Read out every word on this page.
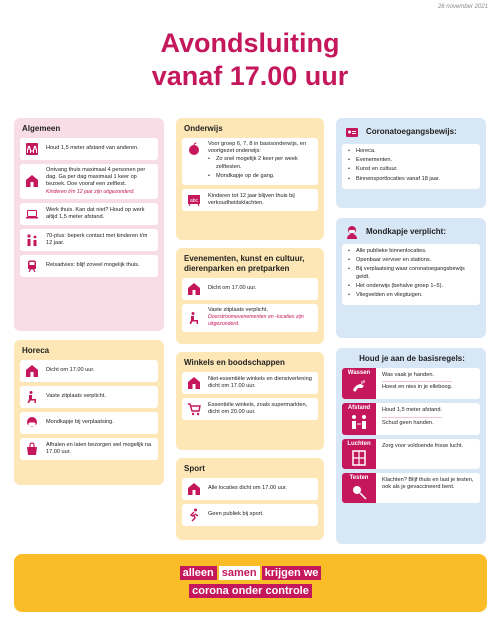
26 november 2021
Avondsluiting
vanaf 17.00 uur
Algemeen
Houd 1,5 meter afstand van anderen.
Ontvang thuis maximaal 4 personen per dag. Ga per dag maximaal 1 keer op bezoek. Doe vooraf een zelftest.
Kinderen t/m 12 jaar zijn uitgezonderd.
Werk thuis. Kan dat niet? Houd op werk altijd 1,5 meter afstand.
70-plus: beperk contact met kinderen t/m 12 jaar.
Reisadvies: blijf zoveel mogelijk thuis.
Horeca
Dicht om 17.00 uur.
Vaste zitplaats verplicht.
Mondkapje bij verplaatsing.
Afhalen en laten bezorgen wel mogelijk na 17.00 uur.
Onderwijs
Voor groep 6, 7, 8 in basisonderwijs, en voortgezet onderwijs:
• Zo snel mogelijk 2 keer per week zelftesten.
• Mondkapje op de gang.
abc
Kinderen tot 12 jaar blijven thuis bij verkoudheidsklachten.
Evenementen, kunst en cultuur, dierenparken en pretparken
Dicht om 17.00 uur.
Vaste zitplaats verplicht. Doorstroomevenementen en -locaties zijn uitgezonderd.
Winkels en boodschappen
Niet-essentiële winkels en dienstverlening dicht om 17.00 uur.
Essentiële winkels, zoals supermarkten, dicht om 20.00 uur.
Sport
Alle locaties dicht om 17.00 uur.
Geen publiek bij sport.
Coronatoegangsbewijs:
• Horeca.
• Evenementen.
• Kunst en cultuur.
• Binnensportlocaties vanaf 18 jaar.
Mondkapje verplicht:
• Alle publieke binnenlocaties.
• Openbaar vervoer en stations.
• Bij verplaatsing waar coronatoegangsbewijs geldt.
• Het onderwijs (behalve groep 1–5).
• Vliegvelden en vliegtuigen.
Houd je aan de basisregels:
Wassen Was vaak je handen.

Hoest en nies in je elleboog.

Afstand Houd 1,5 meter afstand.

Schud geen handen.

Luchten Zorg voor voldoende frisse lucht.

Testen Klachten? Blijf thuis en laat je testen, ook als je gevaccineerd bent.

alleen samen krijgen we
corona onder controle
